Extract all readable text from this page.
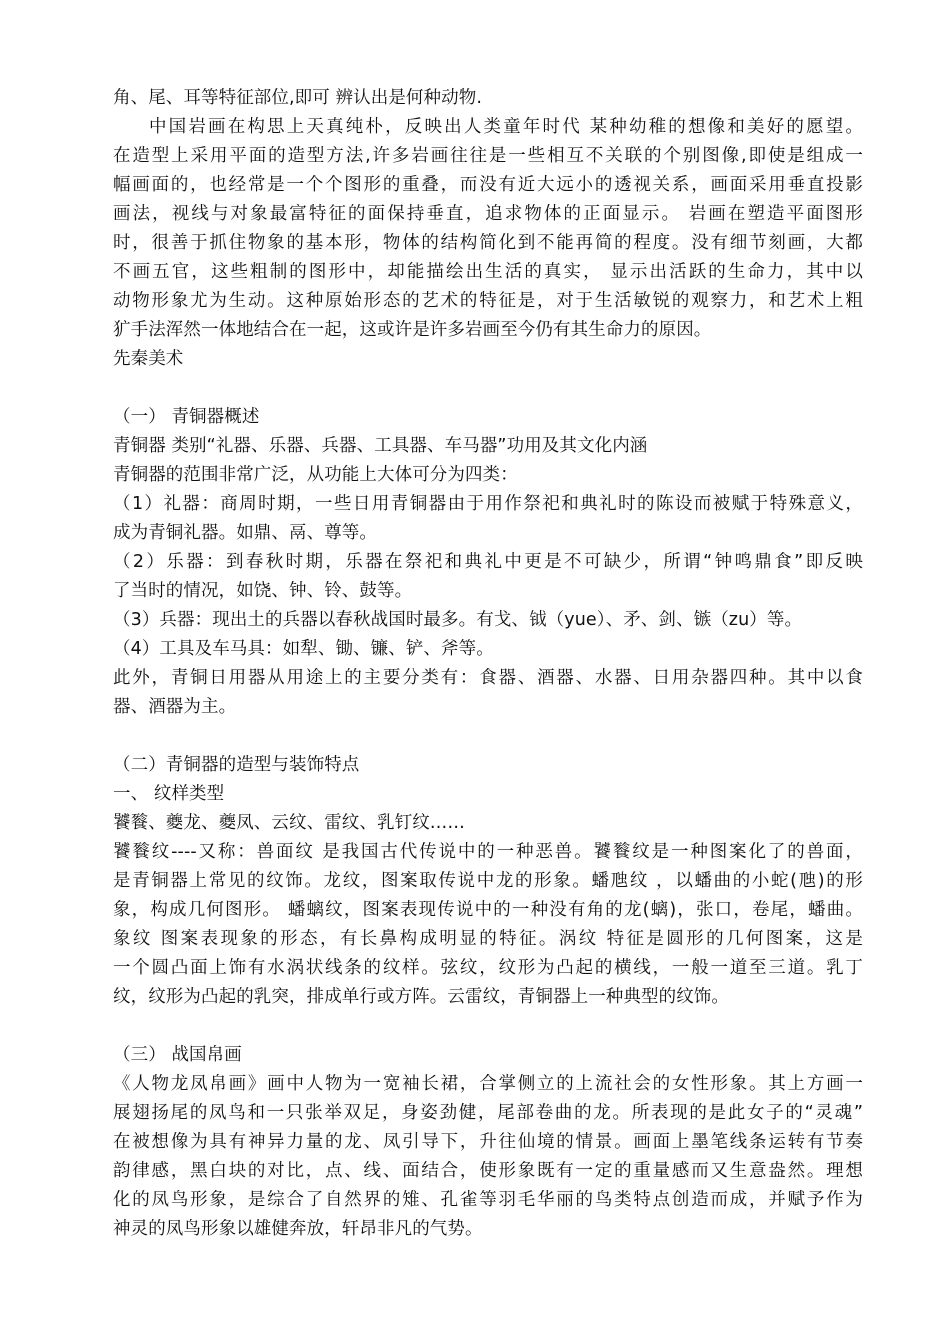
角、尾、耳等特征部位,即可 辨认出是何种动物.
中国岩画在构思上天真纯朴，反映出人类童年时代 某种幼稚的想像和美好的愿望。
在造型上采用平面的造型方法,许多岩画往往是一些相互不关联的个别图像,即使是组成一
幅画面的，也经常是一个个图形的重叠，而没有近大远小的透视关系，画面采用垂直投影
画法，视线与对象最富特征的面保持垂直，追求物体的正面显示。 岩画在塑造平面图形
时，很善于抓住物象的基本形，物体的结构简化到不能再简的程度。没有细节刻画，大都
不画五官，这些粗制的图形中，却能描绘出生活的真实， 显示出活跃的生命力，其中以
动物形象尤为生动。这种原始形态的艺术的特征是，对于生活敏锐的观察力，和艺术上粗
犷手法浑然一体地结合在一起，这或许是许多岩画至今仍有其生命力的原因。
先秦美术
（一） 青铜器概述
青铜器 类别“礼器、乐器、兵器、工具器、车马器”功用及其文化内涵
青铜器的范围非常广泛，从功能上大体可分为四类：
（1）礼器：商周时期，一些日用青铜器由于用作祭祀和典礼时的陈设而被赋于特殊意义，
成为青铜礼器。如鼎、鬲、尊等。
（2）乐器：到春秋时期，乐器在祭祀和典礼中更是不可缺少，所谓“钟鸣鼎食”即反映
了当时的情况，如饶、钟、铃、鼓等。
（3）兵器：现出土的兵器以春秋战国时最多。有戈、钺（yue）、矛、剑、镞（zu）等。
（4）工具及车马具：如犁、锄、镰、铲、斧等。
此外，青铜日用器从用途上的主要分类有：食器、酒器、水器、日用杂器四种。其中以食
器、酒器为主。
（二）青铜器的造型与装饰特点
一、 纹样类型
饕餮、夔龙、夔凤、云纹、雷纹、乳钉纹……
饕餮纹----又称：兽面纹 是我国古代传说中的一种恶兽。饕餮纹是一种图案化了的兽面，
是青铜器上常见的纹饰。龙纹，图案取传说中龙的形象。蟠虺纹 ，以蟠曲的小蛇(虺)的形
象，构成几何图形。 蟠螭纹，图案表现传说中的一种没有角的龙(螭)，张口，卷尾，蟠曲。
象纹 图案表现象的形态，有长鼻构成明显的特征。涡纹 特征是圆形的几何图案，这是
一个圆凸面上饰有水涡状线条的纹样。弦纹，纹形为凸起的横线，一般一道至三道。乳丁
纹，纹形为凸起的乳突，排成单行或方阵。云雷纹，青铜器上一种典型的纹饰。
（三） 战国帛画
《人物龙凤帛画》画中人物为一宽袖长裙，合掌侧立的上流社会的女性形象。其上方画一
展翅扬尾的凤鸟和一只张举双足，身姿劲健，尾部卷曲的龙。所表现的是此女子的“灵魂”
在被想像为具有神异力量的龙、凤引导下，升往仙境的情景。画面上墨笔线条运转有节奏
韵律感，黑白块的对比，点、线、面结合，使形象既有一定的重量感而又生意盎然。理想
化的凤鸟形象，是综合了自然界的雉、孔雀等羽毛华丽的鸟类特点创造而成，并赋予作为
神灵的凤鸟形象以雄健奔放，轩昂非凡的气势。
